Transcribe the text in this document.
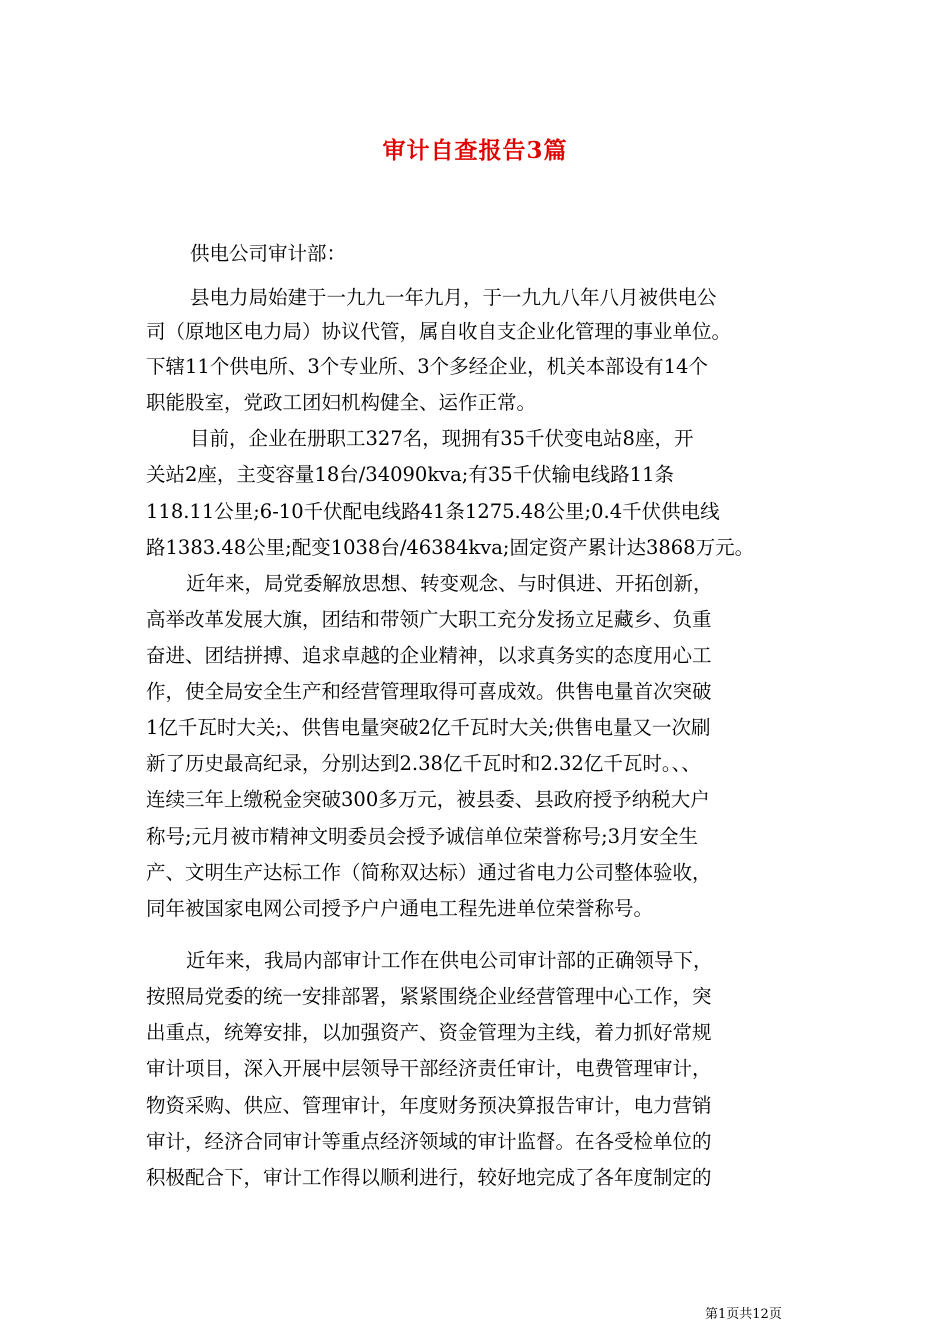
审计自查报告3篇

供电公司审计部：

县电力局始建于一九九一年九月，于一九九八年八月被供电公

司（原地区电力局）协议代管，属自收自支企业化管理的事业单位。

下辖11个供电所、3个专业所、3个多经企业，机关本部设有14个

职能股室，党政工团妇机构健全、运作正常。

目前，企业在册职工327名，现拥有35千伏变电站8座，开

关站2座，主变容量18台/34090kva;有35千伏输电线路11条

118.11公里;6-10千伏配电线路41条1275.48公里;0.4千伏供电线

路1383.48公里;配变1038台/46384kva;固定资产累计达3868万元。

近年来，局党委解放思想、转变观念、与时俱进、开拓创新，

高举改革发展大旗，团结和带领广大职工充分发扬立足藏乡、负重

奋进、团结拼搏、追求卓越的企业精神，以求真务实的态度用心工

作，使全局安全生产和经营管理取得可喜成效。供售电量首次突破

1亿千瓦时大关;、供售电量突破2亿千瓦时大关;供售电量又一次刷

新了历史最高纪录，分别达到2.38亿千瓦时和2.32亿千瓦时。、、

连续三年上缴税金突破300多万元，被县委、县政府授予纳税大户

称号;元月被市精神文明委员会授予诚信单位荣誉称号;3月安全生

产、文明生产达标工作（简称双达标）通过省电力公司整体验收，

同年被国家电网公司授予户户通电工程先进单位荣誉称号。

近年来，我局内部审计工作在供电公司审计部的正确领导下，

按照局党委的统一安排部署，紧紧围绕企业经营管理中心工作，突

出重点，统筹安排，以加强资产、资金管理为主线，着力抓好常规

审计项目，深入开展中层领导干部经济责任审计，电费管理审计，

物资采购、供应、管理审计，年度财务预决算报告审计，电力营销

审计，经济合同审计等重点经济领域的审计监督。在各受检单位的

积极配合下，审计工作得以顺利进行，较好地完成了各年度制定的

第1页共12页
